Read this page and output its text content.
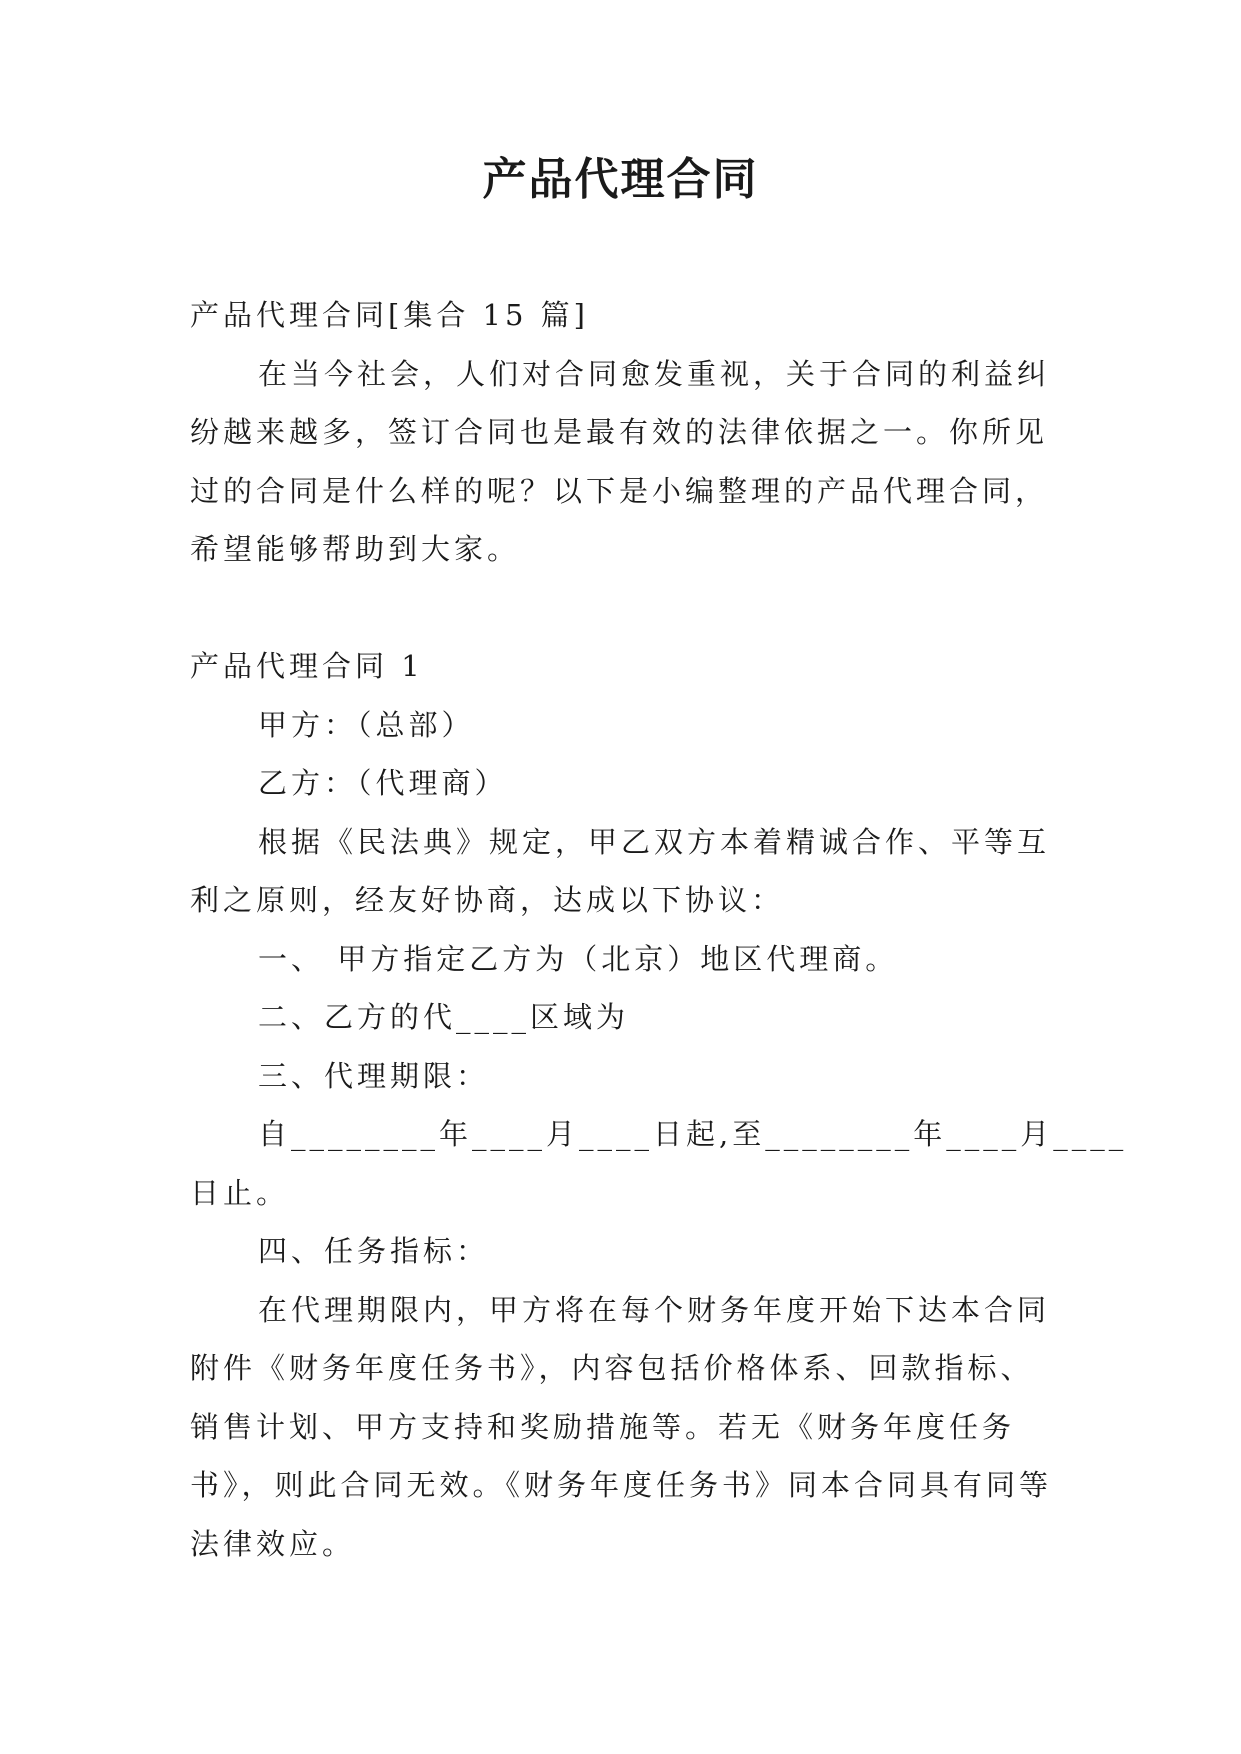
产品代理合同

产品代理合同[集合 15 篇]

在当今社会，人们对合同愈发重视，关于合同的利益纠

纷越来越多，签订合同也是最有效的法律依据之一。你所见

过的合同是什么样的呢？以下是小编整理的产品代理合同，

希望能够帮助到大家。

产品代理合同 1

甲方：（总部）

乙方：（代理商）

根据《民法典》规定，甲乙双方本着精诚合作、平等互

利之原则，经友好协商，达成以下协议：

一、 甲方指定乙方为（北京）地区代理商。

二、乙方的代____区域为

三、代理期限：

自________年____月____日起,至________年____月____

日止。

四、任务指标：

在代理期限内，甲方将在每个财务年度开始下达本合同

附件《财务年度任务书》，内容包括价格体系、回款指标、

销售计划、甲方支持和奖励措施等。若无《财务年度任务

书》，则此合同无效。《财务年度任务书》同本合同具有同等

法律效应。
